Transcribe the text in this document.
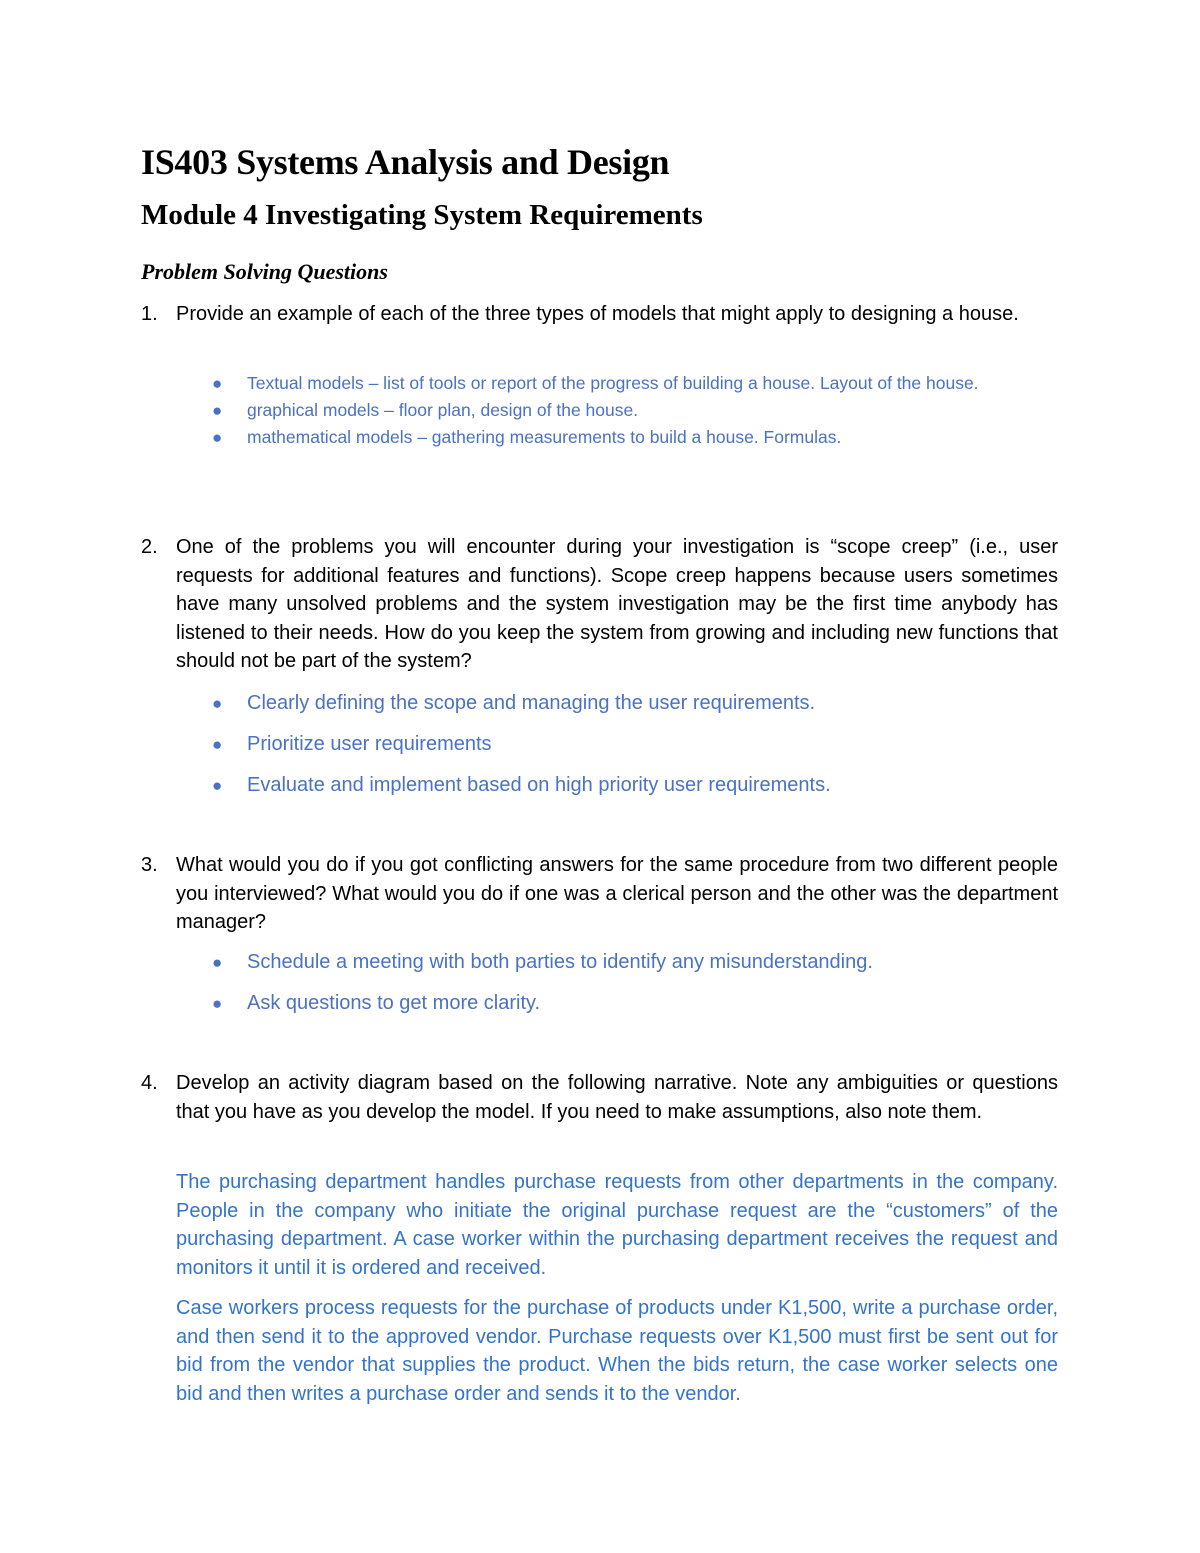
IS403 Systems Analysis and Design
Module 4 Investigating System Requirements
Problem Solving Questions
1. Provide an example of each of the three types of models that might apply to designing a house.
● Textual models – list of tools or report of the progress of building a house. Layout of the house.
● graphical models – floor plan, design of the house.
● mathematical models – gathering measurements to build a house. Formulas.
2. One of the problems you will encounter during your investigation is “scope creep” (i.e., user requests for additional features and functions). Scope creep happens because users sometimes have many unsolved problems and the system investigation may be the first time anybody has listened to their needs. How do you keep the system from growing and including new functions that should not be part of the system?
● Clearly defining the scope and managing the user requirements.
● Prioritize user requirements
● Evaluate and implement based on high priority user requirements.
3. What would you do if you got conflicting answers for the same procedure from two different people you interviewed? What would you do if one was a clerical person and the other was the department manager?
● Schedule a meeting with both parties to identify any misunderstanding.
● Ask questions to get more clarity.
4. Develop an activity diagram based on the following narrative. Note any ambiguities or questions that you have as you develop the model. If you need to make assumptions, also note them.

The purchasing department handles purchase requests from other departments in the company. People in the company who initiate the original purchase request are the “customers” of the purchasing department. A case worker within the purchasing department receives the request and monitors it until it is ordered and received.

Case workers process requests for the purchase of products under K1,500, write a purchase order, and then send it to the approved vendor. Purchase requests over K1,500 must first be sent out for bid from the vendor that supplies the product. When the bids return, the case worker selects one bid and then writes a purchase order and sends it to the vendor.
